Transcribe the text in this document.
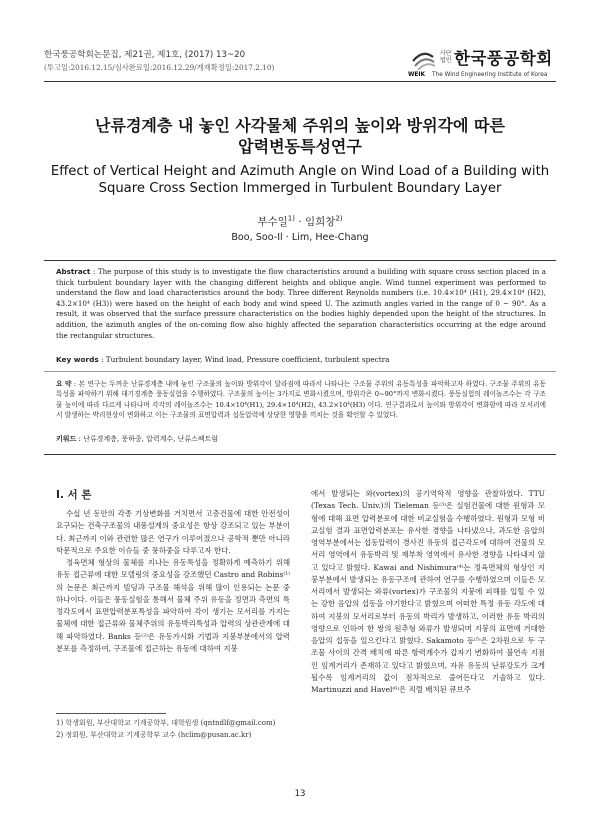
한국풍공학회논문집, 제21권, 제1호, (2017) 13~20
(투고일:2016.12.15/심사완료일:2016.12.29/게재확정일:2017.2.10)
사단
법인 한국풍공학회
WEIK The Wind Engineering Institute of Korea
난류경계층 내 놓인 사각물체 주위의 높이와 방위각에 따른
압력변동특성연구
Effect of Vertical Height and Azimuth Angle on Wind Load of a Building with
Square Cross Section Immerged in Turbulent Boundary Layer
부수일$^{1)}$ · 임희창$^{2)}$
Boo, Soo-Il · Lim, Hee-Chang
Abstract : The purpose of this study is to investigate the flow characteristics around a building with square cross section placed in a thick turbulent boundary layer with the changing different heights and oblique angle. Wind tunnel experiment was performed to understand the flow and load characteristics around the body. Three different Reynolds numbers (i.e. 10.4×10⁴ (H1), 29.4×10⁴ (H2), 43.2×10⁴ (H3)) were based on the height of each body and wind speed U. The azimuth angles varied in the range of 0 ~ 90°. As a result, it was observed that the surface pressure characteristics on the bodies highly depended upon the height of the structures. In addition, the azimuth angles of the on-coming flow also highly affected the separation characteristics occurring at the edge around the rectangular structures.
Key words : Turbulent boundary layer, Wind load, Pressure coefficient, turbulent spectra
요 약 : 본 연구는 두꺼운 난류경계층 내에 놓인 구조물의 높이와 방위각이 달라짐에 따라서 나타나는 구조물 주위의 유동특성을 파악하고자 하였다. 구조물 주위의 유동특성을 파악하기 위해 대기경계층 풍동실험을 수행하였다. 구조물의 높이는 3가지로 변화시켰으며, 방위각은 0~90°까지 변화시켰다. 풍동실험의 레이놀즈수는 각 구조물 높이에 따라 다르게 나타나며 각각의 레이놀즈수는 10.4×10⁴(H1), 29.4×10⁴(H2), 43.2×10⁴(H3) 이다. 연구결과로서 높이와 방위각이 변화함에 따라 모서리에서 발생하는 박리현상이 변화하고 이는 구조물의 표면압력과 섭동압력에 상당한 영향을 끼치는 것을 확인할 수 있었다.
키워드 : 난류경계층, 풍하중, 압력계수, 난류스펙트럼
I. 서 론

수십 년 동안의 각종 기상변화를 거치면서 고층건물에 대한 안전성이 요구되는 건축구조물의 내풍설계의 중요성은 항상 강조되고 있는 부분이다. 최근까지 이와 관련한 많은 연구가 이루어졌으나 공학적 뿐만 아니라 학문적으로 주요한 이슈들 중 풍하중을 다루고자 한다.

정육면체 형상의 물체를 지나는 유동특성을 정확하게 예측하기 위해 유동 접근류에 대한 모델링의 중요성을 강조했던 Castro and Robins⁽¹⁾의 논문은 최근까지 빌딩과 구조물 해석을 위해 많이 인용되는 논문 중 하나이다. 이들은 풍동실험을 통해서 물체 주위 유동을 정면과 측면의 특정각도에서 표면압력분포특성을 파악하여 각이 생기는 모서리를 가지는 물체에 대한 접근류와 물체주위의 유동박리특성과 압력의 상관관계에 대해 파악하였다. Banks 등⁽²⁾은 유동가시화 기법과 지붕부분에서의 압력분포를 측정하여, 구조물에 접근하는 유동에 대하여 지붕

에서 발생되는 와(vortex)의 공기역학적 영향을 관찰하였다. TTU (Texas Tech. Univ.)의 Tieleman 등⁽³⁾은 실험건물에 대한 원형과 모형에 대해 표면 압력분포에 대한 비교실험을 수행하였다. 원형과 모형 비교실험 결과 표면압력분포는 유사한 경향을 나타냈으나, 과도한 음압의 영역부분에서는 섭동압력이 경사진 유동의 접근각도에 대하여 건물의 모서리 영역에서 유동박리 및 재부착 영역에서 유사한 경향을 나타내지 않고 있다고 밝혔다. Kawai and Nishimura⁽⁴⁾는 정육면체의 형상인 지붕부분에서 발생되는 유동구조에 관하여 연구를 수행하였으며 이들은 모서리에서 발생되는 와류(vortex)가 구조물의 지붕에 피해를 입힐 수 있는 강한 음압의 섭동을 야기한다고 밝혔으며 어떠한 특정 유동 각도에 대하여 지붕의 모서리로부터 유동의 박리가 발생하고, 이러한 유동 박리의 영향으로 인하여 한 쌍의 원추형 와류가 발생되며 지붕의 표면에 거대한 음압의 섭동을 일으킨다고 밝혔다. Sakamoto 등⁽⁵⁾은 2차원으로 두 구조물 사이의 간격 배치에 따른 항력계수가 갑자기 변화하여 불연속 지점인 임계거리가 존재하고 있다고 밝혔으며, 자유 유동의 난류강도가 크게 될수록 임계거리의 값이 점차적으로 줄어든다고 기술하고 있다. Martinuzzi and Havel⁽⁶⁾은 직렬 배치된 큐브주

1) 학생회원, 부산대학교 기계공학부, 대학원생 (qntndlf@gmail.com)
2) 정회원, 부산대학교 기계공학부 교수 (hclim@pusan.ac.kr)
13
